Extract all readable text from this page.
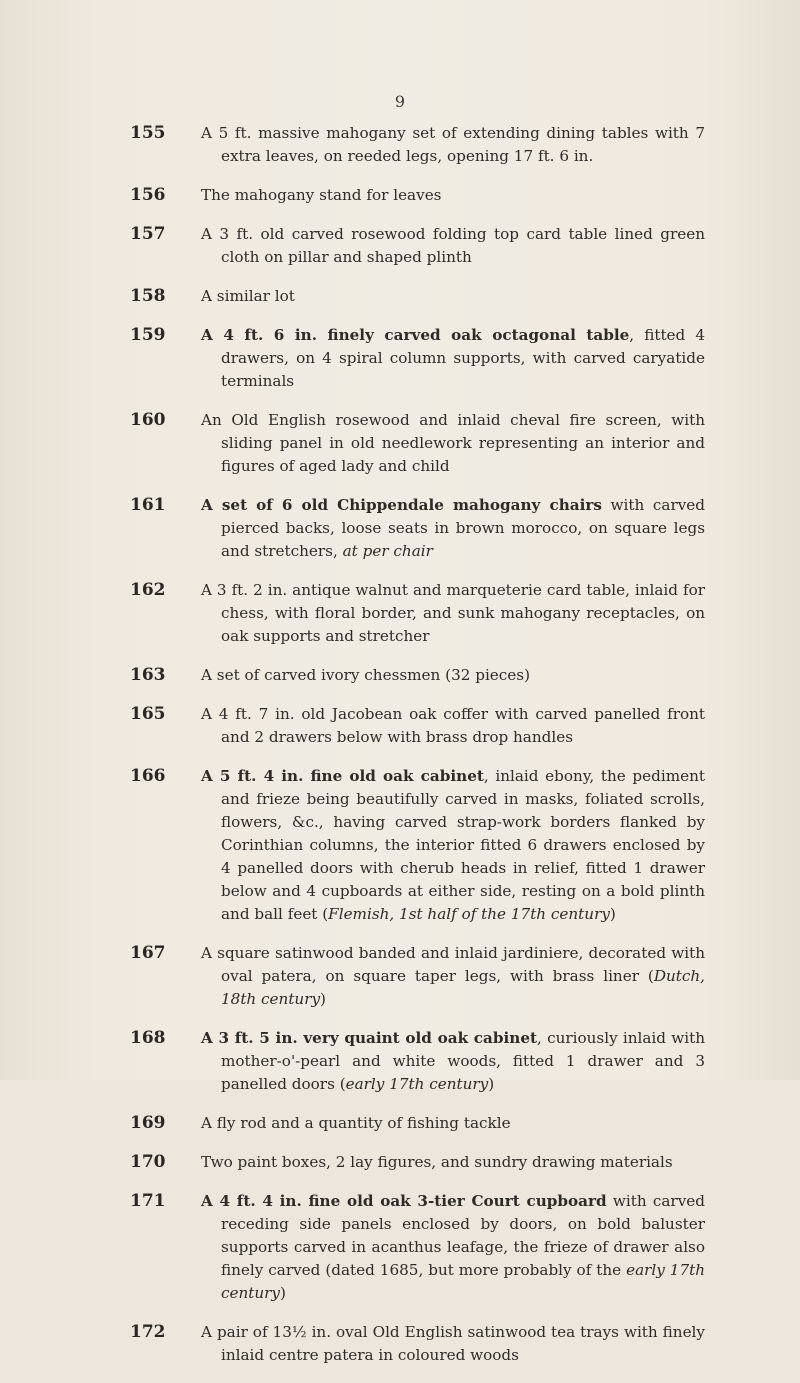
9
155	A 5 ft. massive mahogany set of extending dining tables with 7 extra leaves, on reeded legs, opening 17 ft. 6 in.
156	The mahogany stand for leaves
157	A 3 ft. old carved rosewood folding top card table lined green cloth on pillar and shaped plinth
158	A similar lot
159	A 4 ft. 6 in. finely carved oak octagonal table, fitted 4 drawers, on 4 spiral column supports, with carved caryatide terminals
160	An Old English rosewood and inlaid cheval fire screen, with sliding panel in old needlework representing an interior and figures of aged lady and child
161	A set of 6 old Chippendale mahogany chairs with carved pierced backs, loose seats in brown morocco, on square legs and stretchers, at per chair
162	A 3 ft. 2 in. antique walnut and marqueterie card table, inlaid for chess, with floral border, and sunk mahogany receptacles, on oak supports and stretcher
163	A set of carved ivory chessmen (32 pieces)
165	A 4 ft. 7 in. old Jacobean oak coffer with carved panelled front and 2 drawers below with brass drop handles
166	A 5 ft. 4 in. fine old oak cabinet, inlaid ebony, the pediment and frieze being beautifully carved in masks, foliated scrolls, flowers, &c., having carved strap-work borders flanked by Corinthian columns, the interior fitted 6 drawers enclosed by 4 panelled doors with cherub heads in relief, fitted 1 drawer below and 4 cupboards at either side, resting on a bold plinth and ball feet (Flemish, 1st half of the 17th century)
167	A square satinwood banded and inlaid jardiniere, decorated with oval patera, on square taper legs, with brass liner (Dutch, 18th century)
168	A 3 ft. 5 in. very quaint old oak cabinet, curiously inlaid with mother-o'-pearl and white woods, fitted 1 drawer and 3 panelled doors (early 17th century)
169	A fly rod and a quantity of fishing tackle
170	Two paint boxes, 2 lay figures, and sundry drawing materials
171	A 4 ft. 4 in. fine old oak 3-tier Court cupboard with carved receding side panels enclosed by doors, on bold baluster supports carved in acanthus leafage, the frieze of drawer also finely carved (dated 1685, but more probably of the early 17th century)
172	A pair of 13½ in. oval Old English satinwood tea trays with finely inlaid centre patera in coloured woods
